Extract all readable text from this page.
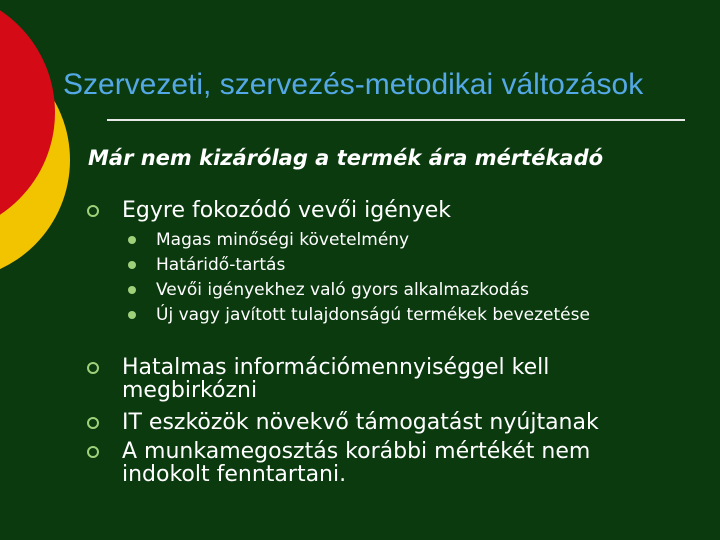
Szervezeti, szervezés-metodikai változások
Már nem kizárólag a termék ára mértékadó
Egyre fokozódó vevői igények
Magas minőségi követelmény
Határidő-tartás
Vevői igényekhez való gyors alkalmazkodás
Új vagy javított tulajdonságú termékek bevezetése
Hatalmas információmennyiséggel kell megbirkózni
IT eszközök növekvő támogatást nyújtanak
A munkamegosztás korábbi mértékét nem indokolt fenntartani.
